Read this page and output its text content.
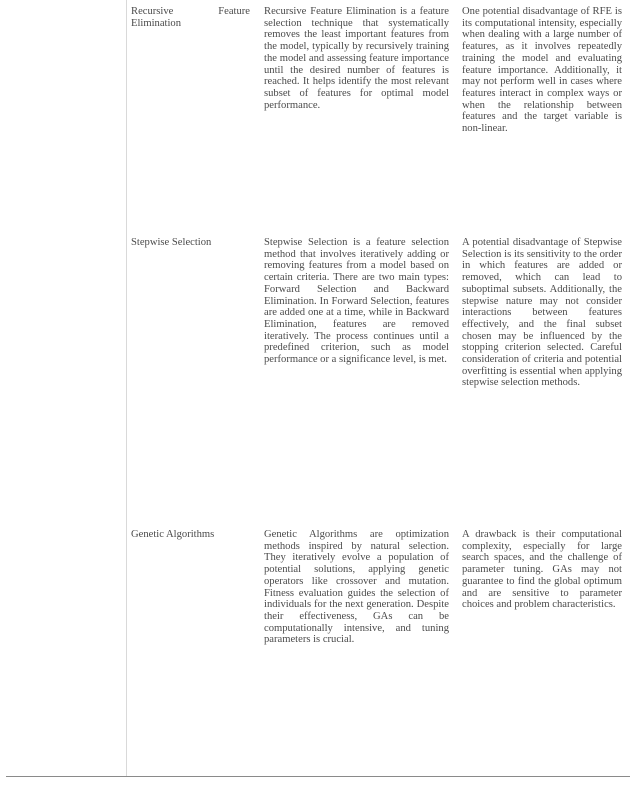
Recursive Feature Elimination

Recursive Feature Elimination is a feature selection technique that systematically removes the least important features from the model, typically by recursively training the model and assessing feature importance until the desired number of features is reached. It helps identify the most relevant subset of features for optimal model performance.

One potential disadvantage of RFE is its computational intensity, especially when dealing with a large number of features, as it involves repeatedly training the model and evaluating feature importance. Additionally, it may not perform well in cases where features interact in complex ways or when the relationship between features and the target variable is non-linear.

Stepwise Selection	Stepwise Selection is a feature selection method that involves iteratively adding or removing features from a model based on certain criteria. There are two main types: Forward Selection and Backward Elimination. In Forward Selection, features are added one at a time, while in Backward Elimination, features are removed iteratively. The process continues until a predefined criterion, such as model performance or a significance level, is met.

A potential disadvantage of Stepwise Selection is its sensitivity to the order in which features are added or removed, which can lead to suboptimal subsets. Additionally, the stepwise nature may not consider interactions between features effectively, and the final subset chosen may be influenced by the stopping criterion selected. Careful consideration of criteria and potential overfitting is essential when applying stepwise selection methods.

Genetic Algorithms	Genetic Algorithms are optimization methods inspired by natural selection. They iteratively evolve a population of potential solutions, applying genetic operators like crossover and mutation. Fitness evaluation guides the selection of individuals for the next generation. Despite their effectiveness, GAs can be computationally intensive, and tuning parameters is crucial.

A drawback is their computational complexity, especially for large search spaces, and the challenge of parameter tuning. GAs may not guarantee to find the global optimum and are sensitive to parameter choices and problem characteristics.
